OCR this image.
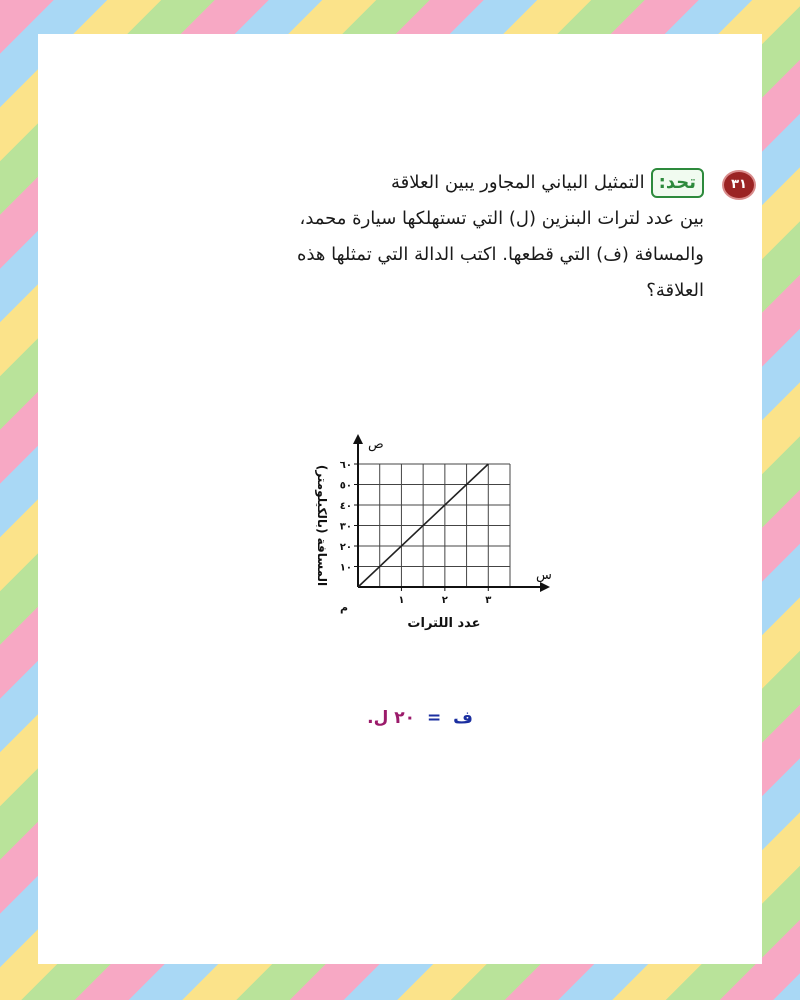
٣١
تحد:التمثيل البياني المجاور يبين العلاقة
بين عدد لترات البنزين (ل) التي تستهلكها سيارة محمد،
والمسافة (ف) التي قطعها. اكتب الدالة التي تمثلها هذه
العلاقة؟
س
ص
م
١٠
٢٠
٣٠
٤٠
٥٠
٦٠
١	٢	٣
عدد اللترات
المسافة (بالكيلومتر)
ف = ٢٠ ل.
